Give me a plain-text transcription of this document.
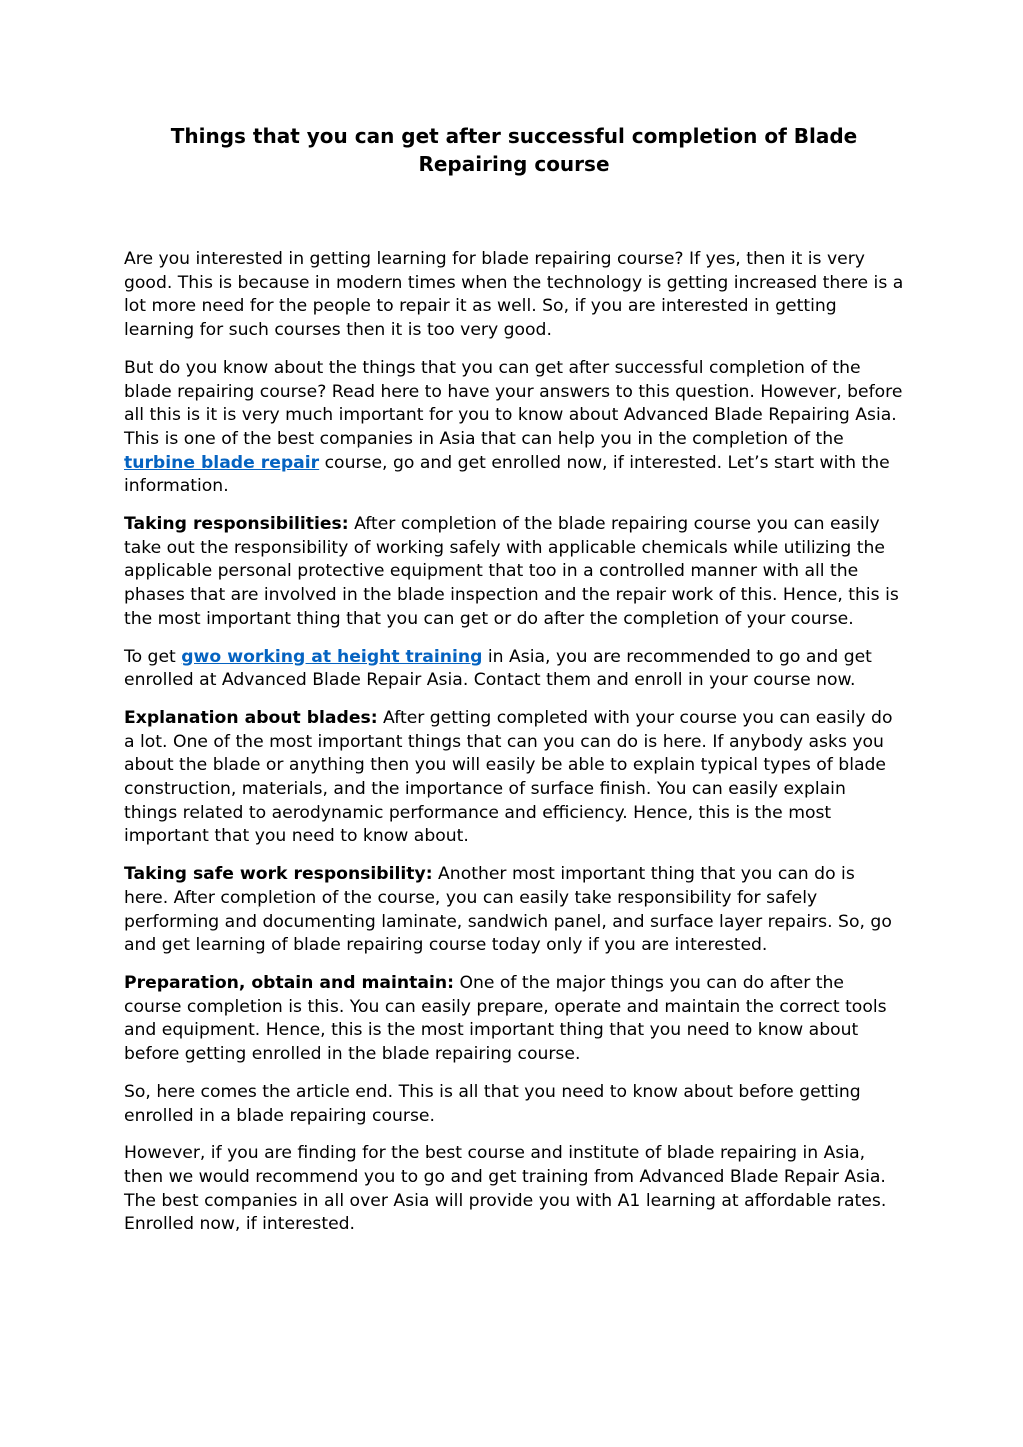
Things that you can get after successful completion of Blade Repairing course

Are you interested in getting learning for blade repairing course? If yes, then it is very good. This is because in modern times when the technology is getting increased there is a lot more need for the people to repair it as well. So, if you are interested in getting learning for such courses then it is too very good.

But do you know about the things that you can get after successful completion of the blade repairing course? Read here to have your answers to this question. However, before all this is it is very much important for you to know about Advanced Blade Repairing Asia. This is one of the best companies in Asia that can help you in the completion of the turbine blade repair course, go and get enrolled now, if interested. Let’s start with the information.

Taking responsibilities: After completion of the blade repairing course you can easily take out the responsibility of working safely with applicable chemicals while utilizing the applicable personal protective equipment that too in a controlled manner with all the phases that are involved in the blade inspection and the repair work of this. Hence, this is the most important thing that you can get or do after the completion of your course.

To get gwo working at height training in Asia, you are recommended to go and get enrolled at Advanced Blade Repair Asia. Contact them and enroll in your course now.

Explanation about blades: After getting completed with your course you can easily do a lot. One of the most important things that can you can do is here. If anybody asks you about the blade or anything then you will easily be able to explain typical types of blade construction, materials, and the importance of surface finish. You can easily explain things related to aerodynamic performance and efficiency. Hence, this is the most important that you need to know about.

Taking safe work responsibility: Another most important thing that you can do is here. After completion of the course, you can easily take responsibility for safely performing and documenting laminate, sandwich panel, and surface layer repairs. So, go and get learning of blade repairing course today only if you are interested.

Preparation, obtain and maintain: One of the major things you can do after the course completion is this. You can easily prepare, operate and maintain the correct tools and equipment. Hence, this is the most important thing that you need to know about before getting enrolled in the blade repairing course.

So, here comes the article end. This is all that you need to know about before getting enrolled in a blade repairing course.

However, if you are finding for the best course and institute of blade repairing in Asia, then we would recommend you to go and get training from Advanced Blade Repair Asia. The best companies in all over Asia will provide you with A1 learning at affordable rates. Enrolled now, if interested.
